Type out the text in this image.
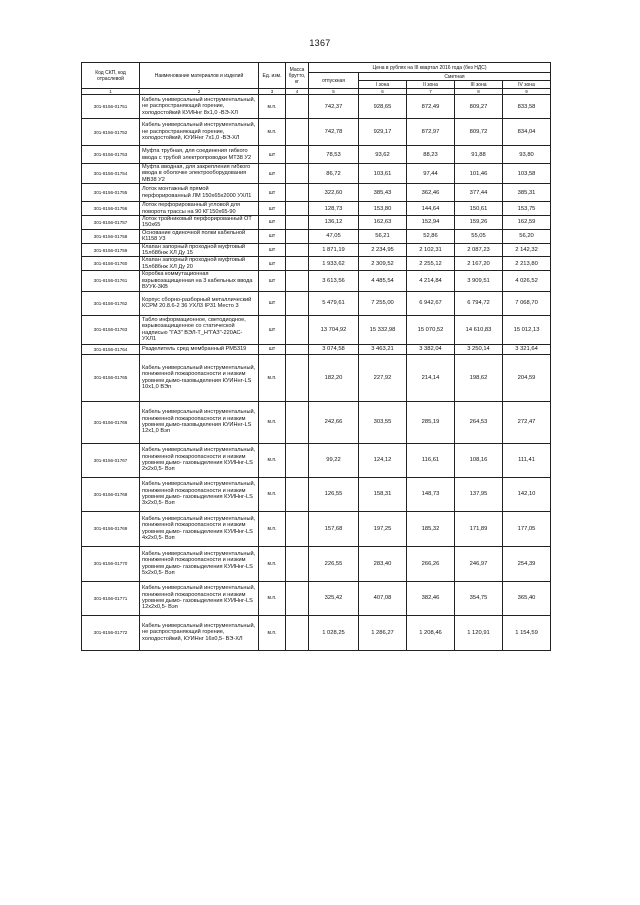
1367
Код СКП, код отраслевой	Наименование материалов и изделий	Ед. изм.	Масса брутто, кг	Цена в рублях на III квартал 2016 года (без НДС)				
				отпускная	Сметная			
					I зона	II зона	III зона	IV зона
1	2	3	4	5	6	7	8	9
301-8156-01751	Кабель универсальный инструментальный, не распространяющий горение, холодостойкий КУИНнг 8х1,0 -ВЭ-ХЛ	м.п.		742,37	928,65	872,49	809,27	833,58
301-8156-01752	Кабель универсальный инструментальный, не распространяющий горение, холодостойкий, КУИНнг 7х1,0 -ВЭ-ХЛ	м.п.		742,78	929,17	872,97	809,72	834,04
301-8156-01753	Муфта трубная, для соединения гибкого ввода с трубой электропроводки МТ38 У2	шт		78,53	93,62	88,23	91,88	93,80
301-8156-01754	Муфта вводная, для закрепления гибкого ввода в оболочке электрооборудования МВ38 У2	шт		86,72	103,61	97,44	101,46	103,58
301-8156-01755	Лоток монтажный прямой перфорированный ЛМ 150х65х2000 УХЛ1	шт		322,60	385,43	362,46	377,44	385,31
301-8156-01756	Лоток перфорированный угловой для поворота трассы на 90 КГ150х65-90	шт		128,73	153,80	144,64	150,61	153,75
301-8156-01757	Лоток тройниковый перфорированный ОТ 150х65	шт		136,12	162,63	152,94	159,26	162,59
301-8156-01758	Основание одиночной полки кабельной К1158 У3	шт		47,05	56,21	52,86	55,05	56,20
301-8156-01759	Клапан запорный проходной муфтовый 15лб8бнж ХЛ Ду 15	шт		1 871,19	2 234,95	2 102,31	2 087,23	2 142,32
301-8156-01760	Клапан запорный проходной муфтовый 15лб8бнж ХЛ Ду 20	шт		1 933,62	2 309,52	2 255,12	2 167,20	2 213,80
301-8156-01761	Коробка коммутационная взрывозащищенная на 3 кабельных ввода ВУУК-3КВ	шт		3 613,56	4 485,54	4 214,84	3 909,51	4 026,52
301-8156-01762	Корпус сборно-разборный металлический КСРМ 20.8.6-2 36 УХЛ3 IP31 Место 3	шт		5 479,61	7 255,00	6 942,67	6 794,72	7 068,70
301-8156-01763	Табло информационное, светодиодное, взрывозащищенное со статической надписью "ГАЗ" ВЭЛ-Т_Н"ГАЗ"-220АС-УХЛ1	шт		13 704,92	15 332,98	15 070,52	14 610,83	15 012,13
301-8156-01764	Разделитель сред мембранный РМ5319	шт		3 074,58	3 463,21	3 382,04	3 250,14	3 321,64
301-8156-01765	Кабель универсальный инструментальный, пониженной пожароопасности и низким уровнем дымо-газовыделения КУИНнг-LS 10х1,0 ВЭп	м.п.		182,20	227,92	214,14	198,62	204,59
301-8156-01766	Кабель универсальный инструментальный, пониженной пожароопасности и низким уровнем дымо-газовыделения КУИНнг-LS 12х1,0 Вэп	м.п.		242,66	303,55	285,19	264,53	272,47
301-8156-01767	Кабель универсальный инструментальный, пониженной пожароопасности и низким уровнем дымо- газовыделения КУИНнг-LS 2х2х0,5- Вэп	м.п.		99,22	124,12	116,61	108,16	111,41
301-8156-01768	Кабель универсальный инструментальный, пониженной пожароопасности и низким уровнем дымо- газовыделения КУИНнг-LS 3х2х0,5- Вэп	м.п.		126,55	158,31	148,73	137,95	142,10
301-8156-01769	Кабель универсальный инструментальный, пониженной пожароопасности и низким уровнем дымо- газовыделения КУИНнг-LS 4х2х0,5- Вэп	м.п.		157,68	197,25	185,32	171,89	177,05
301-8156-01770	Кабель универсальный инструментальный, пониженной пожароопасности и низким уровнем дымо- газовыделения КУИНнг-LS 5х2х0,5- Вэп	м.п.		226,55	283,40	266,26	246,97	254,39
301-8156-01771	Кабель универсальный инструментальный, пониженной пожароопасности и низким уровнем дымо- газовыделения КУИНнг-LS 12х2х0,5- Вэп	м.п.		325,42	407,08	382,46	354,75	365,40
301-8156-01772	Кабель универсальный инструментальный, не распространяющий горение, холодостойкий, КУИНнг 16х0,5- ВЭ-ХЛ	м.п.		1 028,25	1 286,27	1 208,46	1 120,91	1 154,59
